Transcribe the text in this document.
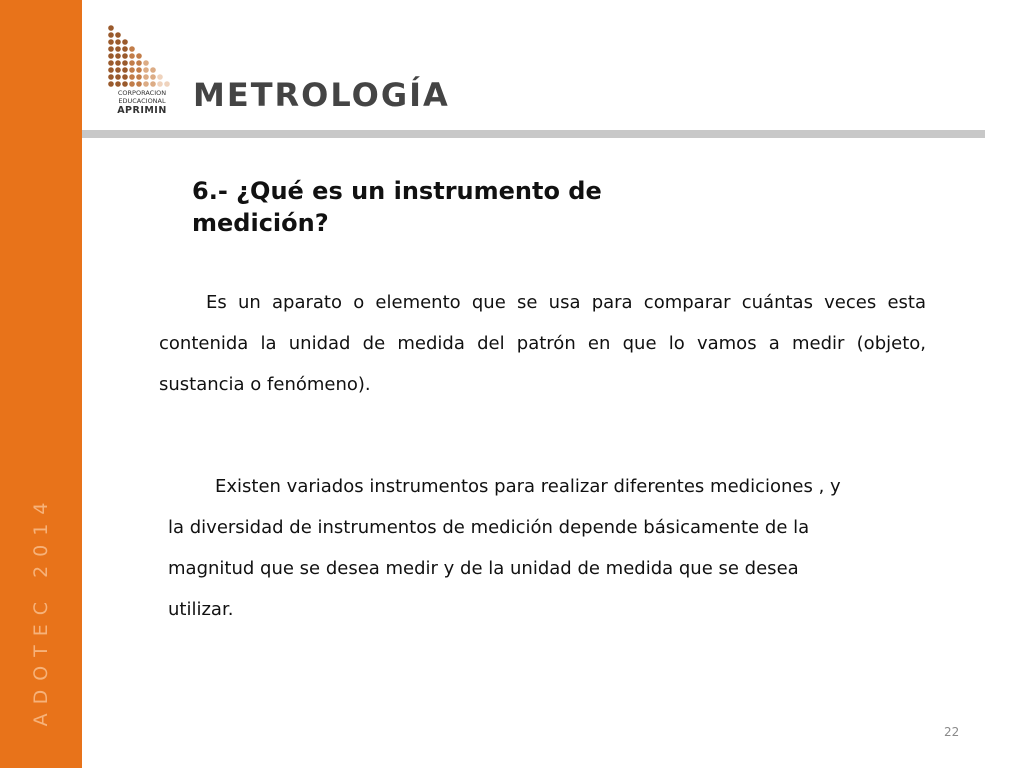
ADOTEC 2014
CORPORACION
EDUCACIONAL
APRIMIN METROLOGÍA
6.- ¿Qué es un instrumento de medición?

Es un aparato o elemento que se usa para comparar cuántas veces esta contenida la unidad de medida del patrón en que lo vamos a medir (objeto, sustancia o fenómeno).

Existen variados instrumentos para realizar diferentes mediciones , y la diversidad de instrumentos de medición depende básicamente de la magnitud que se desea medir y de la unidad de medida que se desea utilizar.

22
